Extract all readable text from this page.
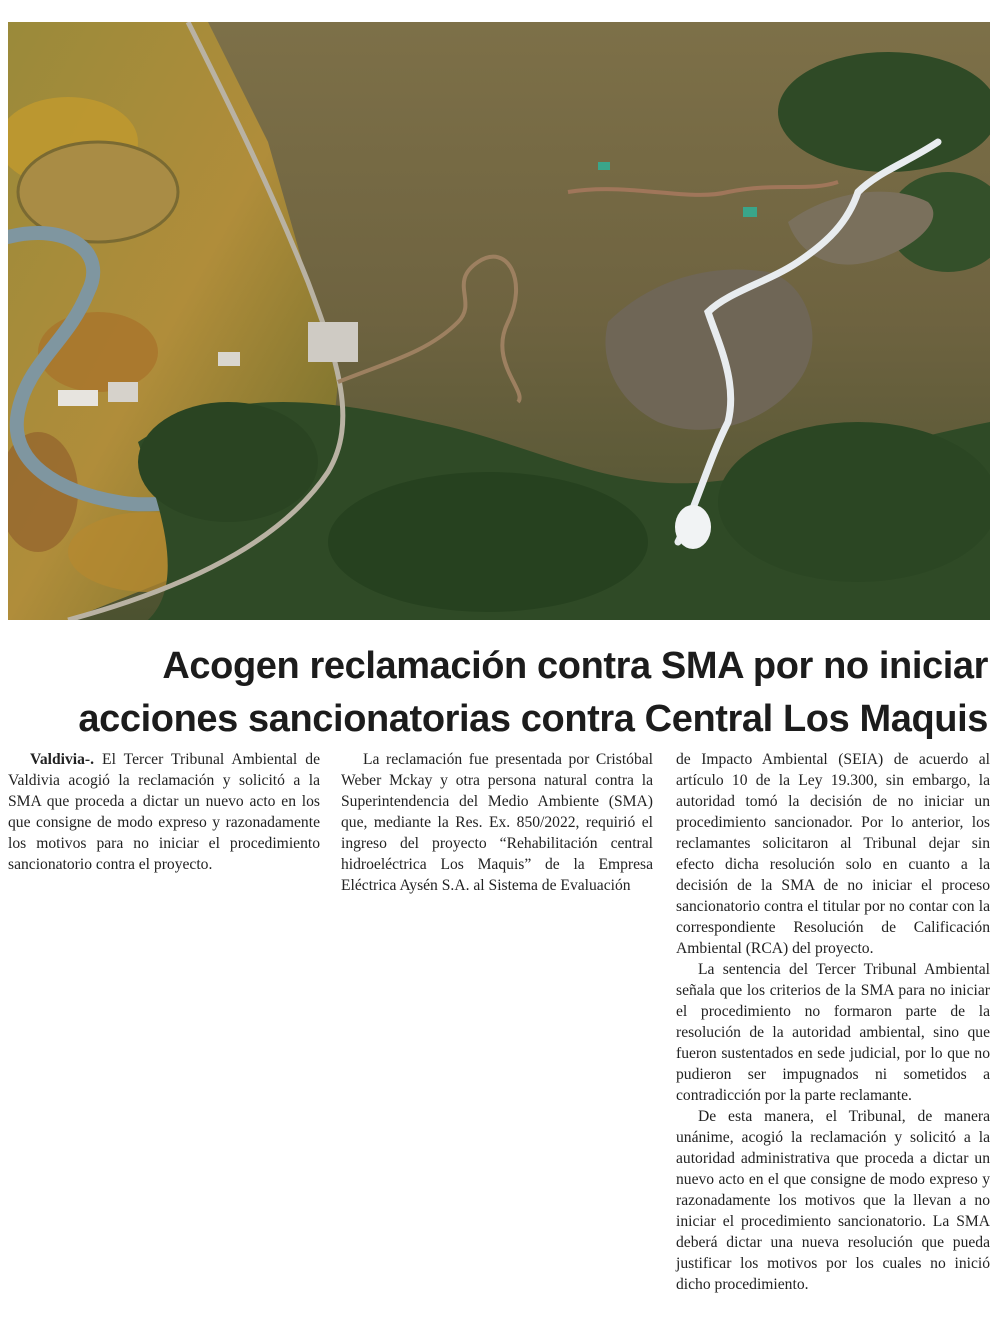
Acogen reclamación contra SMA por no iniciar
acciones sancionatorias contra Central Los Maquis

Valdivia-. El Tercer Tribunal Ambiental de Valdivia acogió la reclamación y solicitó a la SMA que proceda a dictar un nuevo acto en los que consigne de modo expreso y razonadamente los motivos para no iniciar el procedimiento sancionatorio contra el proyecto.

La reclamación fue presentada por Cristóbal Weber Mckay y otra persona natural contra la Superintendencia del Medio Ambiente (SMA) que, mediante la Res. Ex. 850/2022, requirió el ingreso del proyecto “Rehabilitación central hidroeléctrica Los Maquis” de la Empresa Eléctrica Aysén S.A. al Sistema de Evaluación

de Impacto Ambiental (SEIA) de acuerdo al artículo 10 de la Ley 19.300, sin embargo, la autoridad tomó la decisión de no iniciar un procedimiento sancionador. Por lo anterior, los reclamantes solicitaron al Tribunal dejar sin efecto dicha resolución solo en cuanto a la decisión de la SMA de no iniciar el proceso sancionatorio contra el titular por no contar con la correspondiente Resolución de Calificación Ambiental (RCA) del proyecto.

La sentencia del Tercer Tribunal Ambiental señala que los criterios de la SMA para no iniciar el procedimiento no formaron parte de la resolución de la autoridad ambiental, sino que fueron sustentados en sede judicial, por lo que no pudieron ser impugnados ni sometidos a contradicción por la parte reclamante.

De esta manera, el Tribunal, de manera unánime, acogió la reclamación y solicitó a la autoridad administrativa que proceda a dictar un nuevo acto en el que consigne de modo expreso y razonadamente los motivos que la llevan a no iniciar el procedimiento sancionatorio. La SMA deberá dictar una nueva resolución que pueda justificar los motivos por los cuales no inició dicho procedimiento.
